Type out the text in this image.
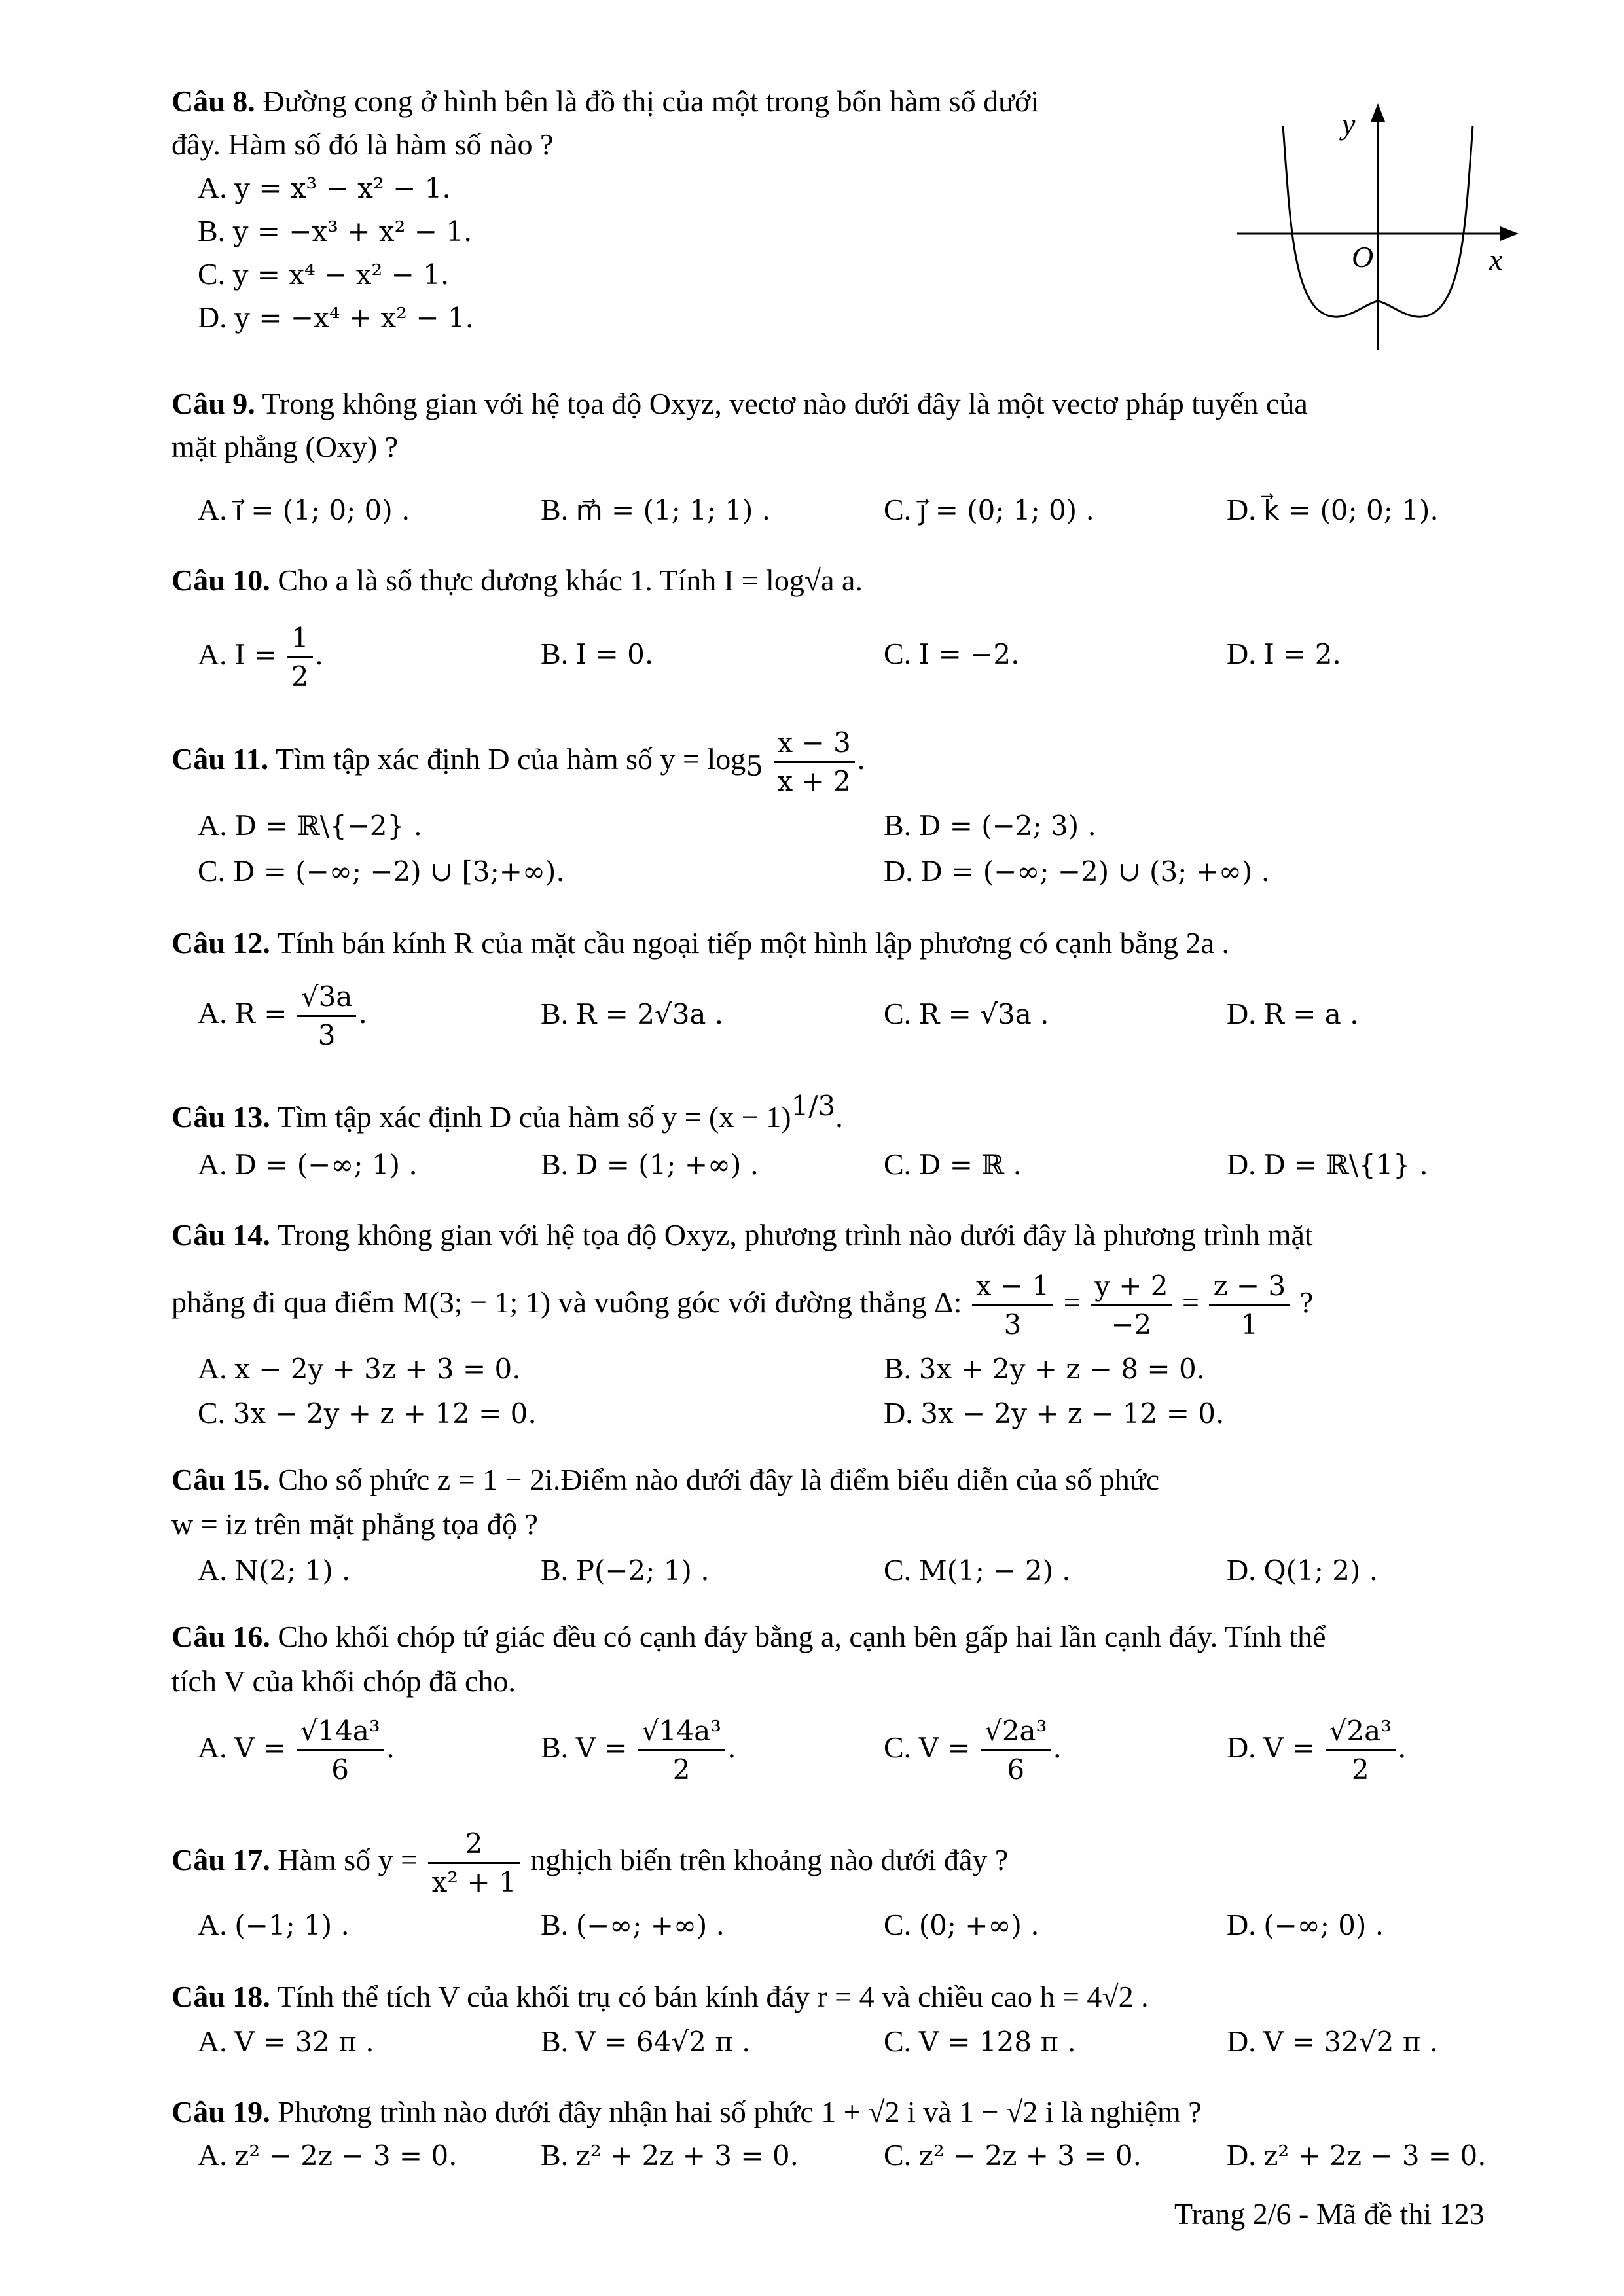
Câu 8. Đường cong ở hình bên là đồ thị của một trong bốn hàm số dưới
đây. Hàm số đó là hàm số nào ?
A. y = x³ − x² − 1.
B. y = −x³ + x² − 1.
C. y = x⁴ − x² − 1.
D. y = −x⁴ + x² − 1.
y
x
O
Câu 9. Trong không gian với hệ tọa độ Oxyz, vectơ nào dưới đây là một vectơ pháp tuyến của
mặt phẳng (Oxy) ?
A. i⃗ = (1; 0; 0) .	B. m⃗ = (1; 1; 1) .	C. j⃗ = (0; 1; 0) .	D. k⃗ = (0; 0; 1).
Câu 10. Cho a là số thực dương khác 1. Tính I = log√a a.
A. $I = \frac{1}{2}$ .	B. I = 0.	C. I = −2.	D. I = 2.
Câu 11. Tìm tập xác định D của hàm số $y = \log_5 \frac{x - 3}{x + 2}$ .
A. D = ℝ\{−2} .	B. D = (−2; 3) .
C. D = (−∞; −2) ∪ [3;+∞).	D. D = (−∞; −2) ∪ (3; +∞) .
Câu 12. Tính bán kính R của mặt cầu ngoại tiếp một hình lập phương có cạnh bằng 2a .
A. $R = \frac{√3a}{3}$ .	B. R = 2√3a .	C. R = √3a .	D. R = a .
Câu 13. Tìm tập xác định D của hàm số $y = (x - 1)^{1/3}$.
A. D = (−∞; 1) .	B. D = (1; +∞) .	C. D = ℝ .	D. D = ℝ\{1} .
Câu 14. Trong không gian với hệ tọa độ Oxyz, phương trình nào dưới đây là phương trình mặt
phẳng đi qua điểm M(3; − 1; 1) và vuông góc với đường thẳng Δ: $\frac{x - 1}{3} = \frac{y + 2}{-2} = \frac{z - 3}{1}$ ?
A. x − 2y + 3z + 3 = 0.	B. 3x + 2y + z − 8 = 0.
C. 3x − 2y + z + 12 = 0.	D. 3x − 2y + z − 12 = 0.
Câu 15. Cho số phức z = 1 − 2i.Điểm nào dưới đây là điểm biểu diễn của số phức
w = iz trên mặt phẳng tọa độ ?
A. N(2; 1) .	B. P(−2; 1) .	C. M(1; − 2) .	D. Q(1; 2) .
Câu 16. Cho khối chóp tứ giác đều có cạnh đáy bằng a, cạnh bên gấp hai lần cạnh đáy. Tính thể
tích V của khối chóp đã cho.
A. $V = \frac{\text{√14a³}}{6}$ .	B. $V = \frac{\text{√14a³}}{2}$ .	C. $V = \frac{\text{√2a³}}{6}$ .	D. $V = \frac{\text{√2a³}}{2}$ .
Câu 17. Hàm số $y = \frac{2}{\text{x² + 1}}$ nghịch biến trên khoảng nào dưới đây ?
A. (−1; 1) .	B. (−∞; +∞) .	C. (0; +∞) .	D. (−∞; 0) .
Câu 18. Tính thể tích V của khối trụ có bán kính đáy r = 4 và chiều cao h = 4√2 .
A. V = 32 π .	B. V = 64√2 π .	C. V = 128 π .	D. V = 32√2 π .
Câu 19. Phương trình nào dưới đây nhận hai số phức 1 + √2 i và 1 − √2 i là nghiệm ?
A. z² − 2z − 3 = 0.	B. z² + 2z + 3 = 0.	C. z² − 2z + 3 = 0.	D. z² + 2z − 3 = 0.
Trang 2/6 - Mã đề thi 123
